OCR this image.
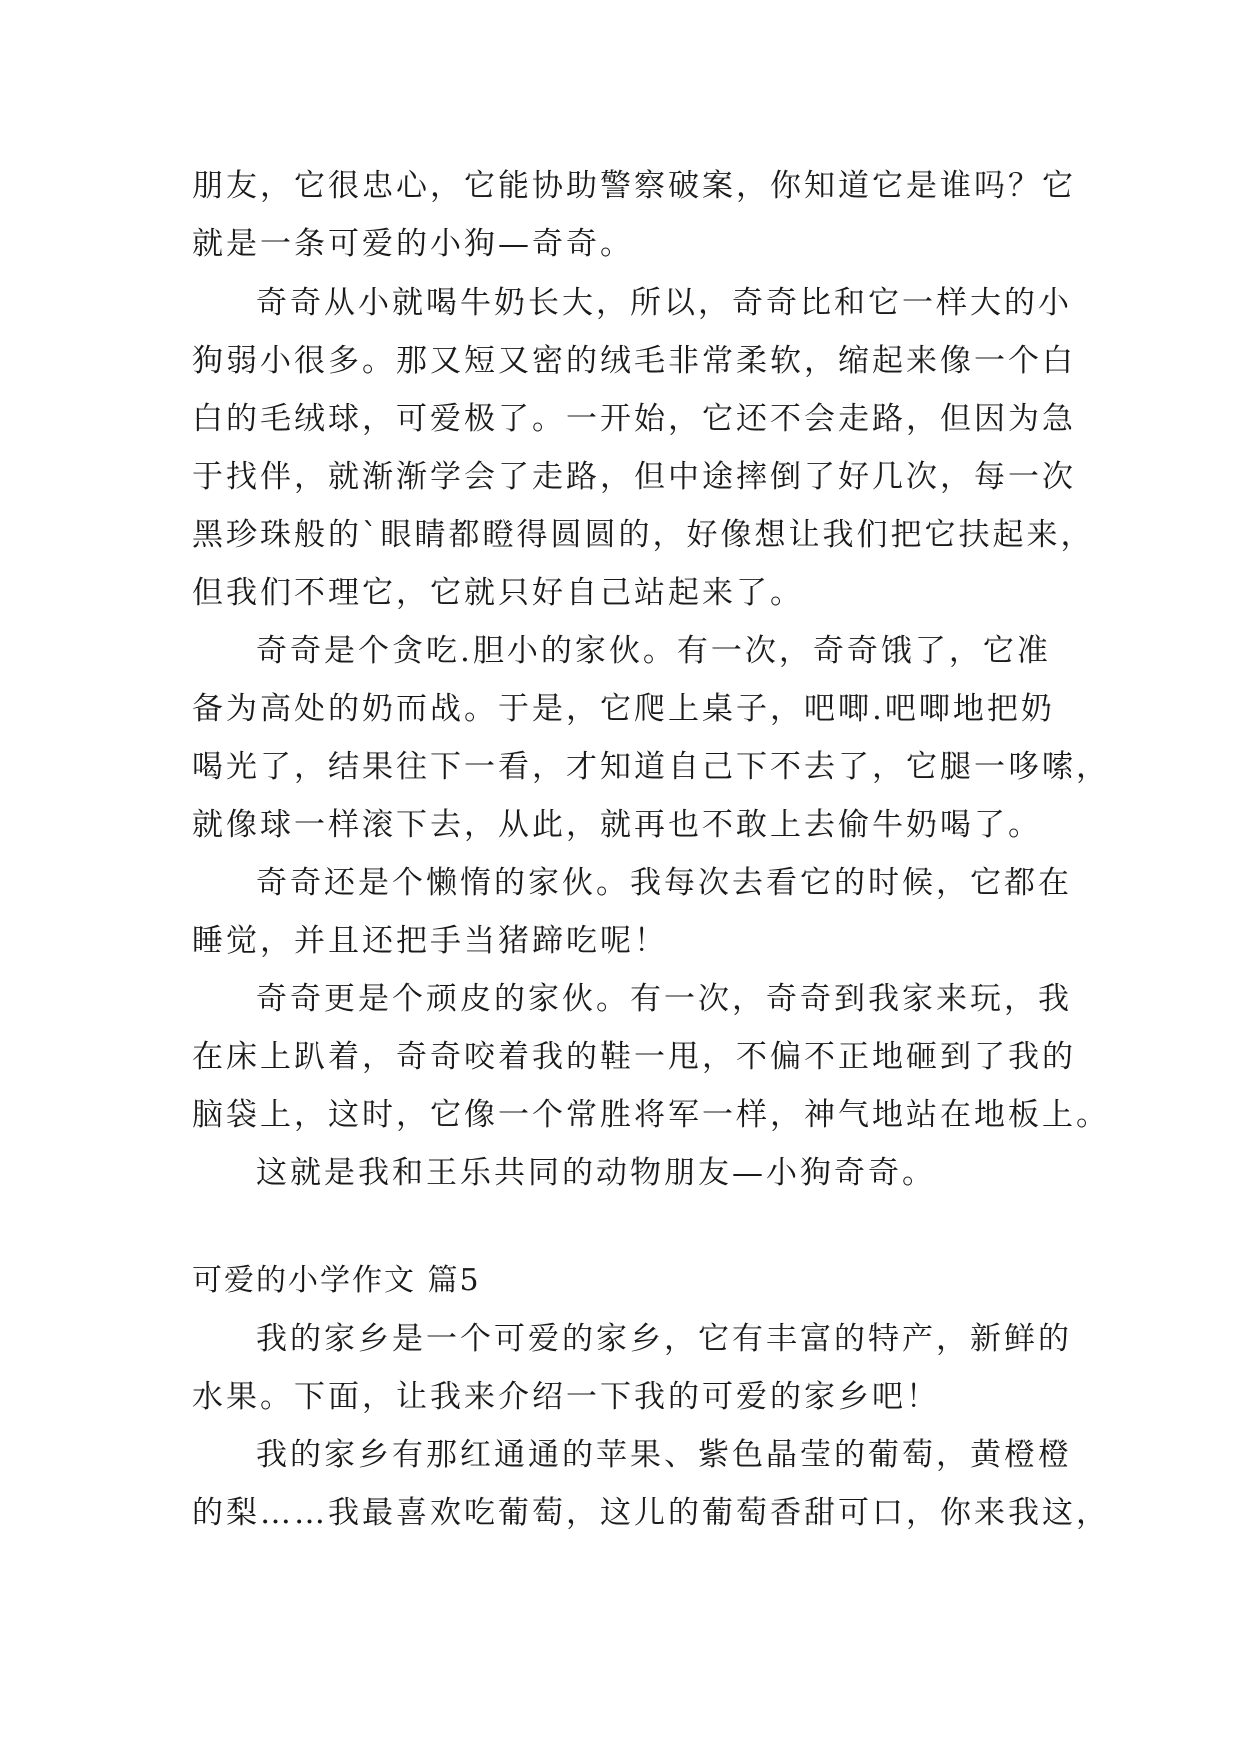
朋友，它很忠心，它能协助警察破案，你知道它是谁吗？它
就是一条可爱的小狗—奇奇。
奇奇从小就喝牛奶长大，所以，奇奇比和它一样大的小
狗弱小很多。那又短又密的绒毛非常柔软，缩起来像一个白
白的毛绒球，可爱极了。一开始，它还不会走路，但因为急
于找伴，就渐渐学会了走路，但中途摔倒了好几次，每一次
黑珍珠般的`眼睛都瞪得圆圆的，好像想让我们把它扶起来，
但我们不理它，它就只好自己站起来了。
奇奇是个贪吃.胆小的家伙。有一次，奇奇饿了，它准
备为高处的奶而战。于是，它爬上桌子，吧唧.吧唧地把奶
喝光了，结果往下一看，才知道自己下不去了，它腿一哆嗦，
就像球一样滚下去，从此，就再也不敢上去偷牛奶喝了。
奇奇还是个懒惰的家伙。我每次去看它的时候，它都在
睡觉，并且还把手当猪蹄吃呢！
奇奇更是个顽皮的家伙。有一次，奇奇到我家来玩，我
在床上趴着，奇奇咬着我的鞋一甩，不偏不正地砸到了我的
脑袋上，这时，它像一个常胜将军一样，神气地站在地板上。
这就是我和王乐共同的动物朋友—小狗奇奇。
可爱的小学作文 篇5
我的家乡是一个可爱的家乡，它有丰富的特产，新鲜的
水果。下面，让我来介绍一下我的可爱的家乡吧！
我的家乡有那红通通的苹果、紫色晶莹的葡萄，黄橙橙
的梨……我最喜欢吃葡萄，这儿的葡萄香甜可口，你来我这，
